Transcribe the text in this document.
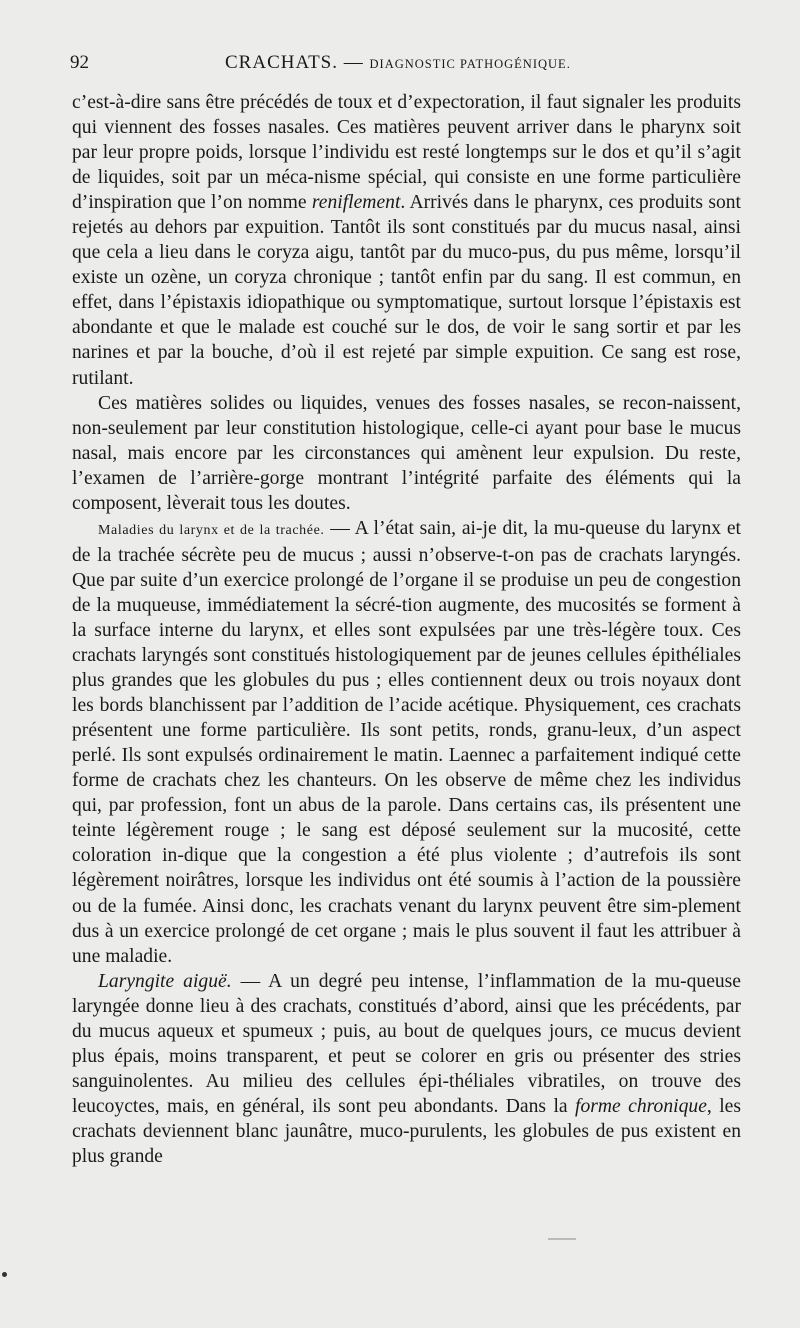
92	CRACHATS. — DIAGNOSTIC PATHOGÉNIQUE.

c’est-à-dire sans être précédés de toux et d’expectoration, il faut signaler les produits qui viennent des fosses nasales. Ces matières peuvent arriver dans le pharynx soit par leur propre poids, lorsque l’individu est resté longtemps sur le dos et qu’il s’agit de liquides, soit par un méca-nisme spécial, qui consiste en une forme particulière d’inspiration que l’on nomme reniflement. Arrivés dans le pharynx, ces produits sont rejetés au dehors par expuition. Tantôt ils sont constitués par du mucus nasal, ainsi que cela a lieu dans le coryza aigu, tantôt par du muco-pus, du pus même, lorsqu’il existe un ozène, un coryza chronique ; tantôt enfin par du sang. Il est commun, en effet, dans l’épistaxis idiopathique ou symptomatique, surtout lorsque l’épistaxis est abondante et que le malade est couché sur le dos, de voir le sang sortir et par les narines et par la bouche, d’où il est rejeté par simple expuition. Ce sang est rose, rutilant.

Ces matières solides ou liquides, venues des fosses nasales, se recon-naissent, non-seulement par leur constitution histologique, celle-ci ayant pour base le mucus nasal, mais encore par les circonstances qui amènent leur expulsion. Du reste, l’examen de l’arrière-gorge montrant l’intégrité parfaite des éléments qui la composent, lèverait tous les doutes.

Maladies du larynx et de la trachée. — A l’état sain, ai-je dit, la mu-queuse du larynx et de la trachée sécrète peu de mucus ; aussi n’observe-t-on pas de crachats laryngés. Que par suite d’un exercice prolongé de l’organe il se produise un peu de congestion de la muqueuse, immédiatement la sécré-tion augmente, des mucosités se forment à la surface interne du larynx, et elles sont expulsées par une très-légère toux. Ces crachats laryngés sont constitués histologiquement par de jeunes cellules épithéliales plus grandes que les globules du pus ; elles contiennent deux ou trois noyaux dont les bords blanchissent par l’addition de l’acide acétique. Physiquement, ces crachats présentent une forme particulière. Ils sont petits, ronds, granu-leux, d’un aspect perlé. Ils sont expulsés ordinairement le matin. Laennec a parfaitement indiqué cette forme de crachats chez les chanteurs. On les observe de même chez les individus qui, par profession, font un abus de la parole. Dans certains cas, ils présentent une teinte légèrement rouge ; le sang est déposé seulement sur la mucosité, cette coloration in-dique que la congestion a été plus violente ; d’autrefois ils sont légèrement noirâtres, lorsque les individus ont été soumis à l’action de la poussière ou de la fumée. Ainsi donc, les crachats venant du larynx peuvent être sim-plement dus à un exercice prolongé de cet organe ; mais le plus souvent il faut les attribuer à une maladie.

Laryngite aiguë. — A un degré peu intense, l’inflammation de la mu-queuse laryngée donne lieu à des crachats, constitués d’abord, ainsi que les précédents, par du mucus aqueux et spumeux ; puis, au bout de quelques jours, ce mucus devient plus épais, moins transparent, et peut se colorer en gris ou présenter des stries sanguinolentes. Au milieu des cellules épi-théliales vibratiles, on trouve des leucoyctes, mais, en général, ils sont peu abondants. Dans la forme chronique, les crachats deviennent blanc jaunâtre, muco-purulents, les globules de pus existent en plus grande
